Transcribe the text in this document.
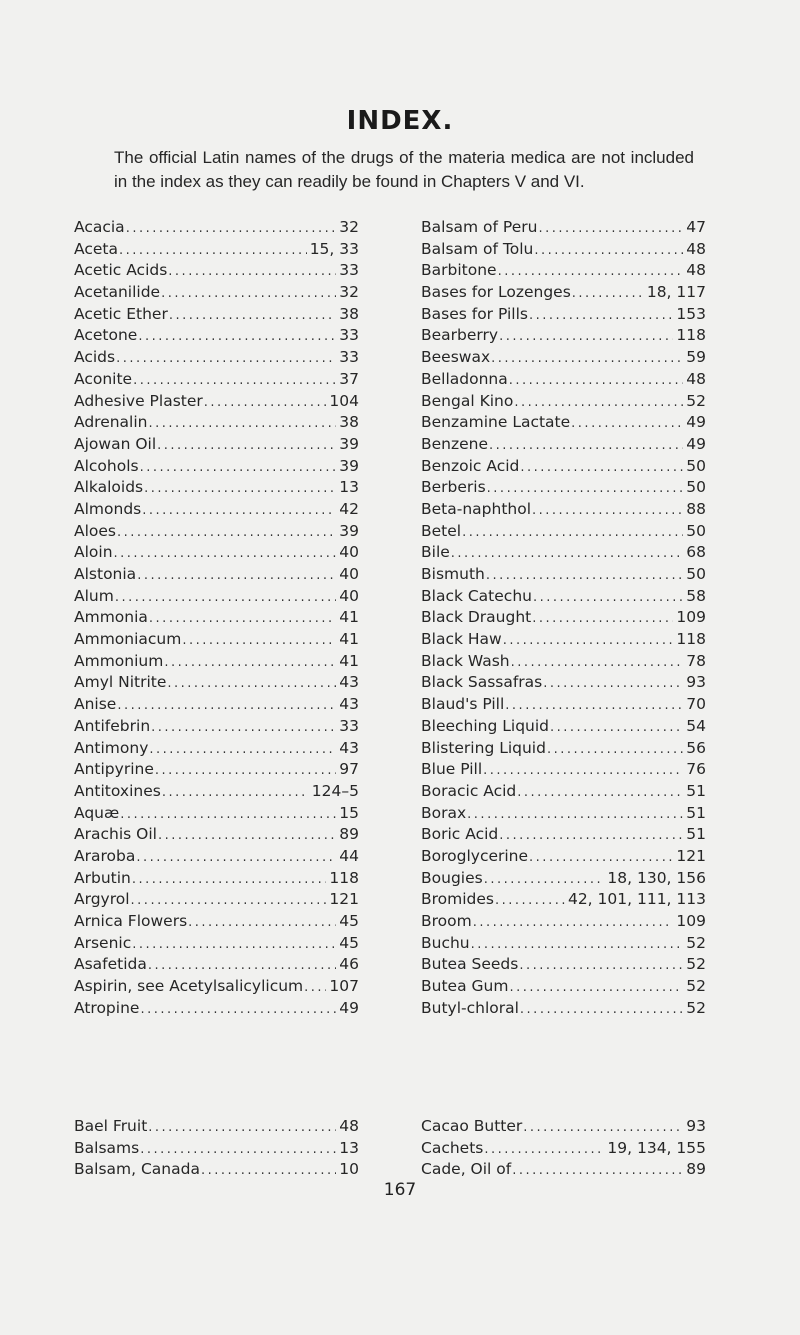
INDEX.
The official Latin names of the drugs of the materia medica are not included in the index as they can readily be found in Chapters V and VI.
Acacia .....	32
Aceta .....	15, 33
Acetic Acids .....	33
Acetanilide .....	32
Acetic Ether .....	38
Acetone .....	33
Acids .....	33
Aconite .....	37
Adhesive Plaster .....	104
Adrenalin .....	38
Ajowan Oil .....	39
Alcohols .....	39
Alkaloids .....	13
Almonds .....	42
Aloes .....	39
Aloin .....	40
Alstonia .....	40
Alum .....	40
Ammonia .....	41
Ammoniacum .....	41
Ammonium .....	41
Amyl Nitrite .....	43
Anise .....	43
Antifebrin .....	33
Antimony .....	43
Antipyrine .....	97
Antitoxines .....	124–5
Aquæ .....	15
Arachis Oil .....	89
Araroba .....	44
Arbutin .....	118
Argyrol .....	121
Arnica Flowers .....	45
Arsenic .....	45
Asafetida .....	46
Aspirin, see Acetylsalicylicum ..... 107
Atropine .....	49
Balsam of Peru .....	47
Balsam of Tolu .....	48
Barbitone .....	48
Bases for Lozenges .....	18, 117
Bases for Pills .....	153
Bearberry .....	118
Beeswax .....	59
Belladonna .....	48
Bengal Kino .....	52
Benzamine Lactate .....	49
Benzene .....	49
Benzoic Acid .....	50
Berberis .....	50
Beta-naphthol .....	88
Betel .....	50
Bile .....	68
Bismuth .....	50
Black Catechu .....	58
Black Draught .....	109
Black Haw .....	118
Black Wash .....	78
Black Sassafras .....	93
Blaud's Pill .....	70
Bleeching Liquid .....	54
Blistering Liquid .....	56
Blue Pill .....	76
Boracic Acid .....	51
Borax .....	51
Boric Acid .....	51
Boroglycerine .....	121
Bougies .....	18, 130, 156
Bromides .....	42, 101, 111, 113
Broom .....	109
Buchu .....	52
Butea Seeds .....	52
Butea Gum .....	52
Butyl-chloral .....	52
Bael Fruit .....	48
Balsams .....	13
Balsam, Canada .....	10
Cacao Butter .....	93
Cachets .....	19, 134, 155
Cade, Oil of .....	89
167
